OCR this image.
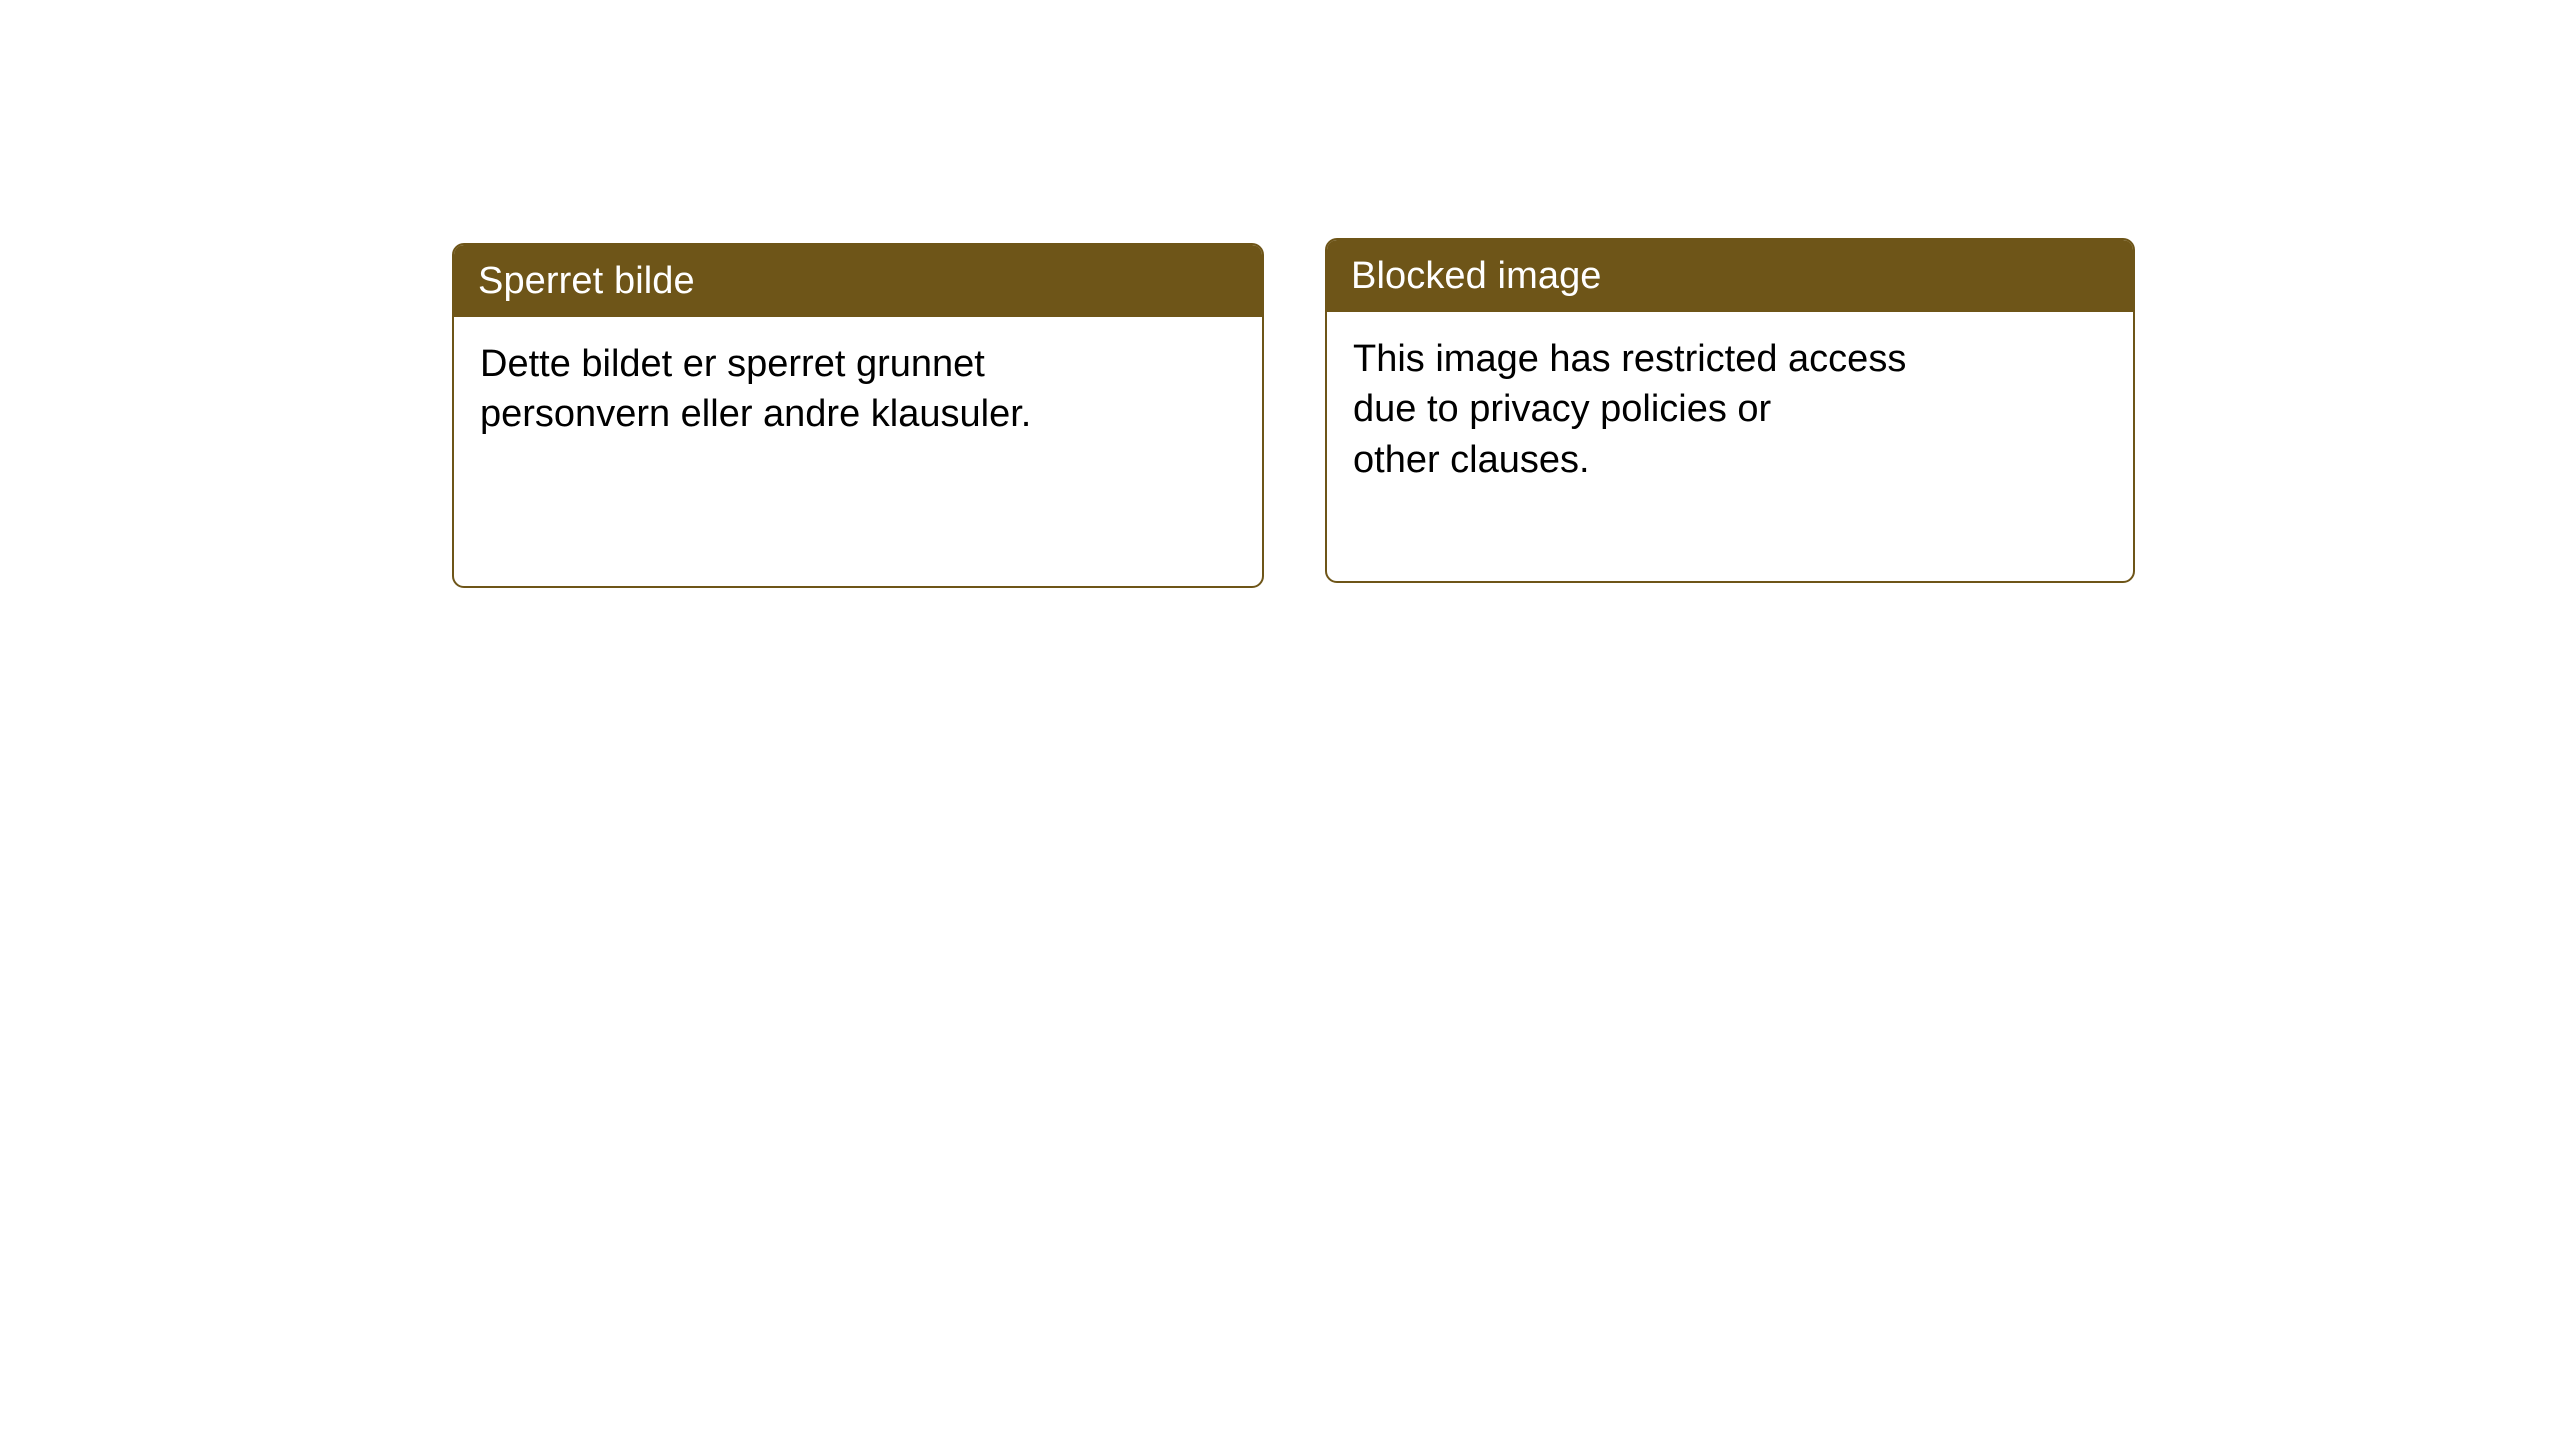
Sperret bilde
Dette bildet er sperret grunnet
personvern eller andre klausuler.
Blocked image
This image has restricted access
due to privacy policies or
other clauses.
